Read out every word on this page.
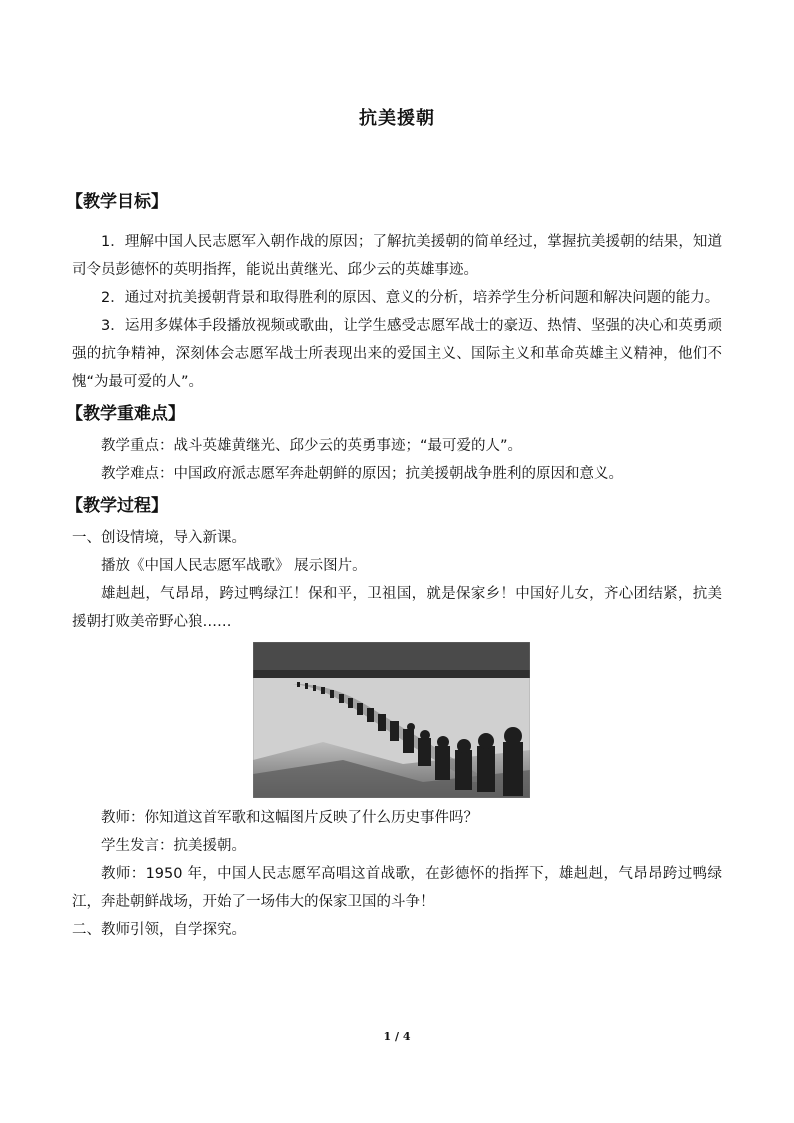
抗美援朝

【教学目标】

1．理解中国人民志愿军入朝作战的原因；了解抗美援朝的简单经过，掌握抗美援朝的结果，知道司令员彭德怀的英明指挥，能说出黄继光、邱少云的英雄事迹。

2．通过对抗美援朝背景和取得胜利的原因、意义的分析，培养学生分析问题和解决问题的能力。

3．运用多媒体手段播放视频或歌曲，让学生感受志愿军战士的豪迈、热情、坚强的决心和英勇顽强的抗争精神，深刻体会志愿军战士所表现出来的爱国主义、国际主义和革命英雄主义精神，他们不愧“为最可爱的人”。

【教学重难点】

教学重点：战斗英雄黄继光、邱少云的英勇事迹；“最可爱的人”。

教学难点：中国政府派志愿军奔赴朝鲜的原因；抗美援朝战争胜利的原因和意义。

【教学过程】

一、创设情境，导入新课。

播放《中国人民志愿军战歌》 展示图片。

雄赳赳，气昂昂，跨过鸭绿江！保和平，卫祖国，就是保家乡！中国好儿女，齐心团结紧，抗美援朝打败美帝野心狼……

教师：你知道这首军歌和这幅图片反映了什么历史事件吗？

学生发言：抗美援朝。

教师：1950 年，中国人民志愿军高唱这首战歌，在彭德怀的指挥下，雄赳赳，气昂昂跨过鸭绿江，奔赴朝鲜战场，开始了一场伟大的保家卫国的斗争！

二、教师引领，自学探究。

1 / 4
